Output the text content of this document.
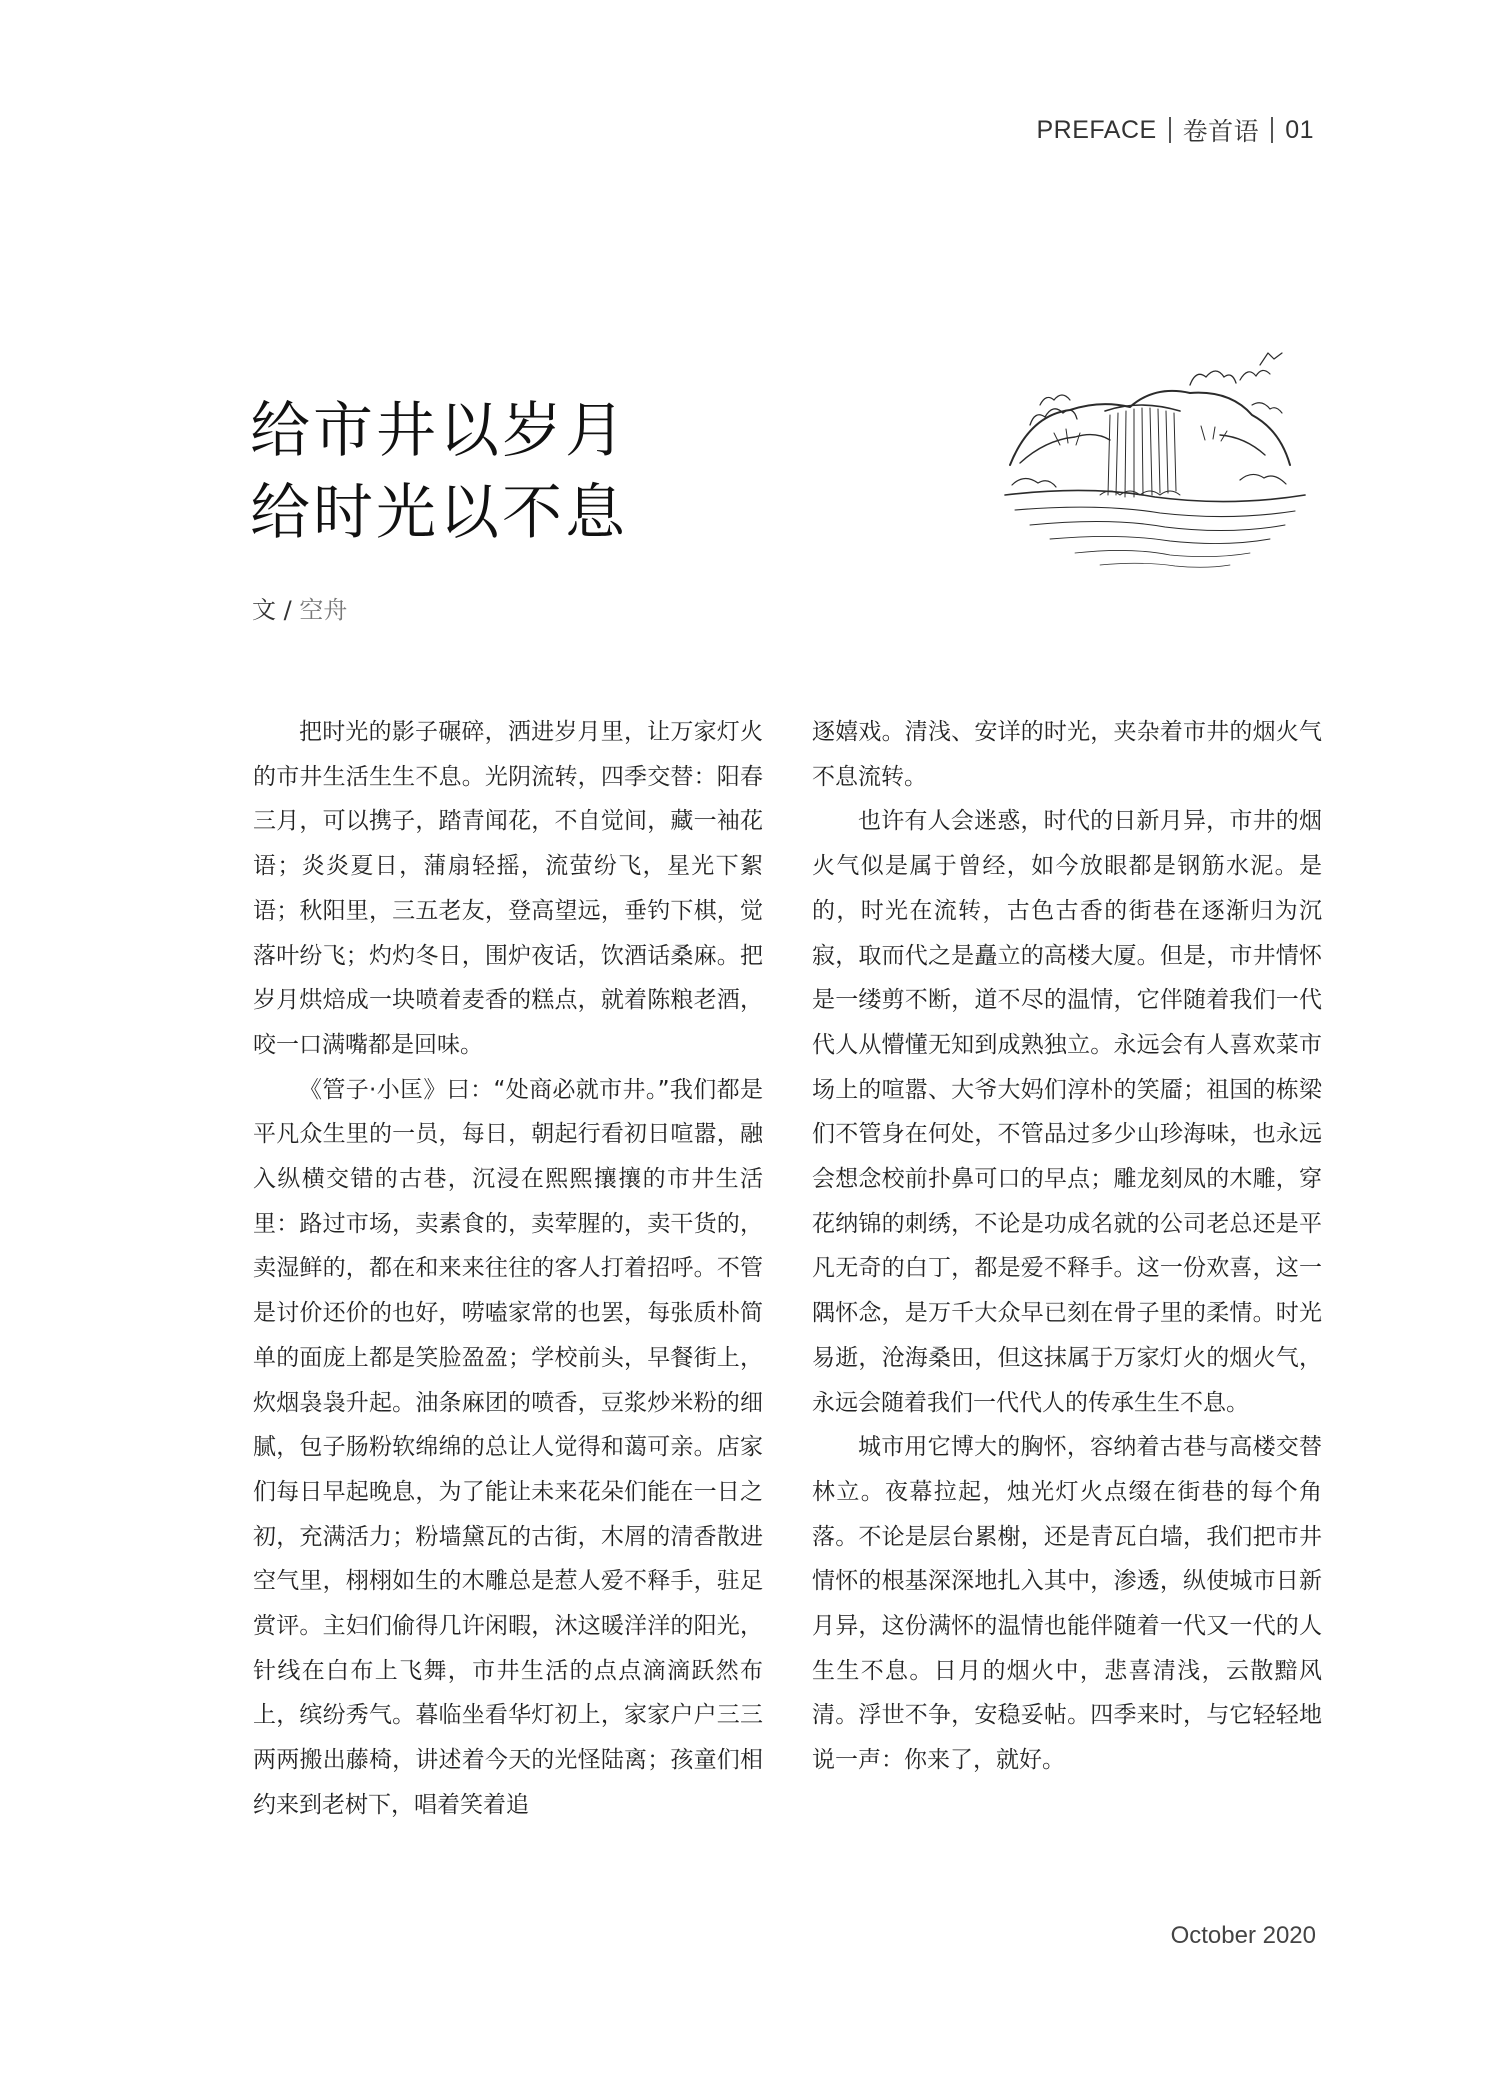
PREFACE 卷首语 01
给市井以岁月
给时光以不息
文 / 空舟

把时光的影子碾碎，洒进岁月里，让万家灯火的市井生活生生不息。光阴流转，四季交替：阳春三月，可以携子，踏青闻花，不自觉间，藏一袖花语；炎炎夏日，蒲扇轻摇，流萤纷飞，星光下絮语；秋阳里，三五老友，登高望远，垂钓下棋，觉落叶纷飞；灼灼冬日，围炉夜话，饮酒话桑麻。把岁月烘焙成一块喷着麦香的糕点，就着陈粮老酒，咬一口满嘴都是回味。

《管子·小匡》曰：“处商必就市井。”我们都是平凡众生里的一员，每日，朝起行看初日喧嚣，融入纵横交错的古巷，沉浸在熙熙攘攘的市井生活里：路过市场，卖素食的，卖荤腥的，卖干货的，卖湿鲜的，都在和来来往往的客人打着招呼。不管是讨价还价的也好，唠嗑家常的也罢，每张质朴简单的面庞上都是笑脸盈盈；学校前头，早餐街上，炊烟袅袅升起。油条麻团的喷香，豆浆炒米粉的细腻，包子肠粉软绵绵的总让人觉得和蔼可亲。店家们每日早起晚息，为了能让未来花朵们能在一日之初，充满活力；粉墙黛瓦的古街，木屑的清香散进空气里，栩栩如生的木雕总是惹人爱不释手，驻足赏评。主妇们偷得几许闲暇，沐这暖洋洋的阳光，针线在白布上飞舞，市井生活的点点滴滴跃然布上，缤纷秀气。暮临坐看华灯初上，家家户户三三两两搬出藤椅，讲述着今天的光怪陆离；孩童们相约来到老树下，唱着笑着追

逐嬉戏。清浅、安详的时光，夹杂着市井的烟火气不息流转。

也许有人会迷惑，时代的日新月异，市井的烟火气似是属于曾经，如今放眼都是钢筋水泥。是的，时光在流转，古色古香的街巷在逐渐归为沉寂，取而代之是矗立的高楼大厦。但是，市井情怀是一缕剪不断，道不尽的温情，它伴随着我们一代代人从懵懂无知到成熟独立。永远会有人喜欢菜市场上的喧嚣、大爷大妈们淳朴的笑靥；祖国的栋梁们不管身在何处，不管品过多少山珍海味，也永远会想念校前扑鼻可口的早点；雕龙刻凤的木雕，穿花纳锦的刺绣，不论是功成名就的公司老总还是平凡无奇的白丁，都是爱不释手。这一份欢喜，这一隅怀念，是万千大众早已刻在骨子里的柔情。时光易逝，沧海桑田，但这抹属于万家灯火的烟火气，永远会随着我们一代代人的传承生生不息。

城市用它博大的胸怀，容纳着古巷与高楼交替林立。夜幕拉起，烛光灯火点缀在街巷的每个角落。不论是层台累榭，还是青瓦白墙，我们把市井情怀的根基深深地扎入其中，渗透，纵使城市日新月异，这份满怀的温情也能伴随着一代又一代的人生生不息。日月的烟火中，悲喜清浅，云散黯风清。浮世不争，安稳妥帖。四季来时，与它轻轻地说一声：你来了，就好。

October 2020
